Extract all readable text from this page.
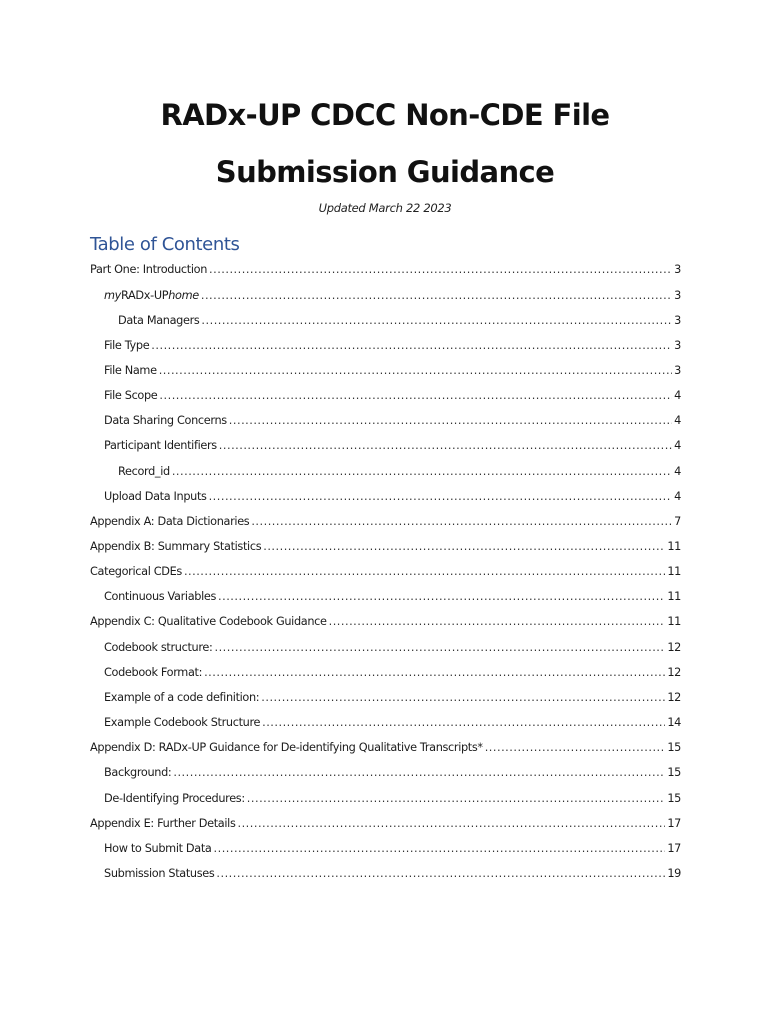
RADx-UP CDCC Non-CDE File
Submission Guidance
Updated March 22 2023
Table of Contents
Part One: Introduction .....	3
myRADx-UPhome .....	3
Data Managers .....	3
File Type .....	3
File Name .....	3
File Scope .....	4
Data Sharing Concerns .....	4
Participant Identifiers .....	4
Record_id .....	4
Upload Data Inputs .....	4
Appendix A: Data Dictionaries .....	7
Appendix B: Summary Statistics .....	11
Categorical CDEs .....	11
Continuous Variables .....	11
Appendix C: Qualitative Codebook Guidance .....	11
Codebook structure: .....	12
Codebook Format: .....	12
Example of a code definition: .....	12
Example Codebook Structure .....	14
Appendix D: RADx-UP Guidance for De-identifying Qualitative Transcripts* .....	15
Background: .....	15
De-Identifying Procedures: .....	15
Appendix E: Further Details .....	17
How to Submit Data .....	17
Submission Statuses .....	19
